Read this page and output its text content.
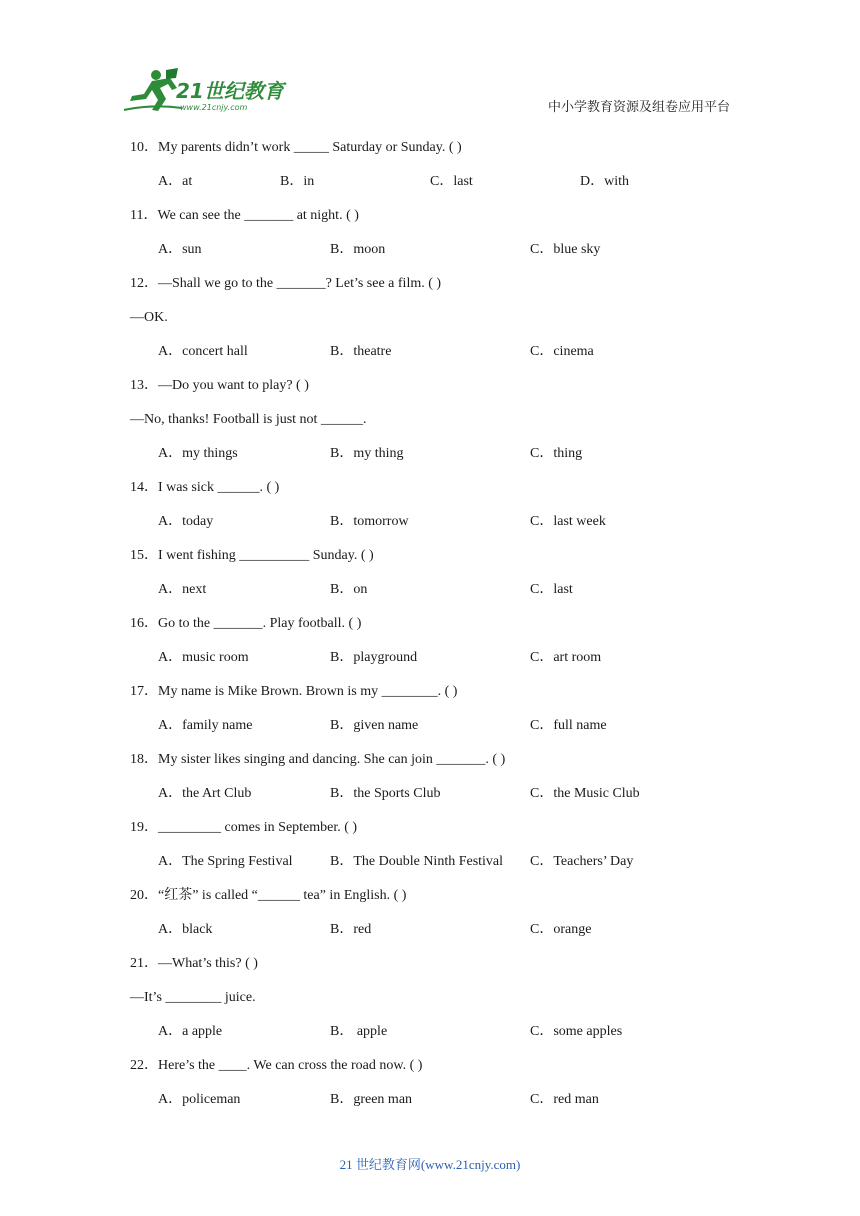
21世纪教育
www.21cnjy.com	中小学教育资源及组卷应用平台
10．My parents didn’t work _____ Saturday or Sunday. ( )
A．at	B．in	C．last	D．with
11．We can see the _______ at night. ( )
A．sun	B．moon	C．blue sky
12．—Shall we go to the _______? Let’s see a film. ( )
—OK.
A．concert hall	B．theatre	C．cinema
13．—Do you want to play? ( )
—No, thanks! Football is just not ______.
A．my things	B．my thing	C．thing
14．I was sick ______. ( )
A．today	B．tomorrow	C．last week
15．I went fishing __________ Sunday. ( )
A．next	B．on	C．last
16．Go to the _______. Play football. ( )
A．music room	B．playground	C．art room
17．My name is Mike Brown. Brown is my ________. ( )
A．family name	B．given name	C．full name
18．My sister likes singing and dancing. She can join _______. ( )
A．the Art Club	B．the Sports Club	C．the Music Club
19．_________ comes in September. ( )
A．The Spring Festival	B．The Double Ninth Festival C．Teachers’ Day
20．“红茶” is called “______ tea” in English. ( )
A．black	B．red	C．orange
21．—What’s this? ( )
—It’s ________ juice.
A．a apple	B． apple	C．some apples
22．Here’s the ____. We can cross the road now. ( )
A．policeman	B．green man	C．red man
21 世纪教育网(www.21cnjy.com)
